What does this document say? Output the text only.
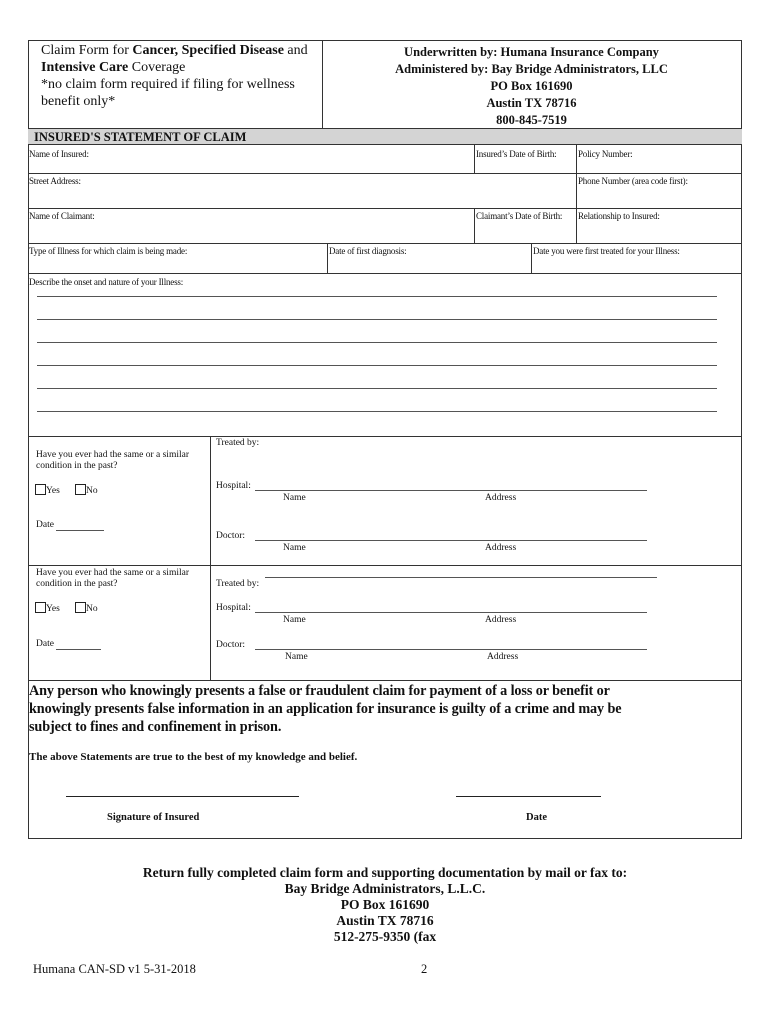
Claim Form for Cancer, Specified Disease and
Intensive Care Coverage
*no claim form required if filing for wellness
benefit only*
Underwritten by: Humana Insurance Company
Administered by: Bay Bridge Administrators, LLC
PO Box 161690
Austin TX 78716
800-845-7519
INSURED'S STATEMENT OF CLAIM
Name of Insured:	Insured’s Date of Birth: Policy Number:
Street Address:	Phone Number (area code first):
Name of Claimant:	Claimant’s Date of Birth: Relationship to Insured:
Type of Illness for which claim is being made:	Date of first diagnosis:	Date you were first treated for your Illness:
Describe the onset and nature of your Illness:
Have you ever had the same or a similar
condition in the past?
Yes	No
Date
Treated by:
Hospital:
Name	Address
Doctor:
Name	Address
Have you ever had the same or a similar
condition in the past?
Yes	No
Date
Treated by:
Hospital:
Name	Address
Doctor:
Name	Address
Any person who knowingly presents a false or fraudulent claim for payment of a loss or benefit or
knowingly presents false information in an application for insurance is guilty of a crime and may be
subject to fines and confinement in prison.
The above Statements are true to the best of my knowledge and belief.
Signature of Insured	Date
Return fully completed claim form and supporting documentation by mail or fax to:
Bay Bridge Administrators, L.L.C.
PO Box 161690
Austin TX 78716
512-275-9350 (fax
Humana CAN-SD v1 5-31-2018	2
